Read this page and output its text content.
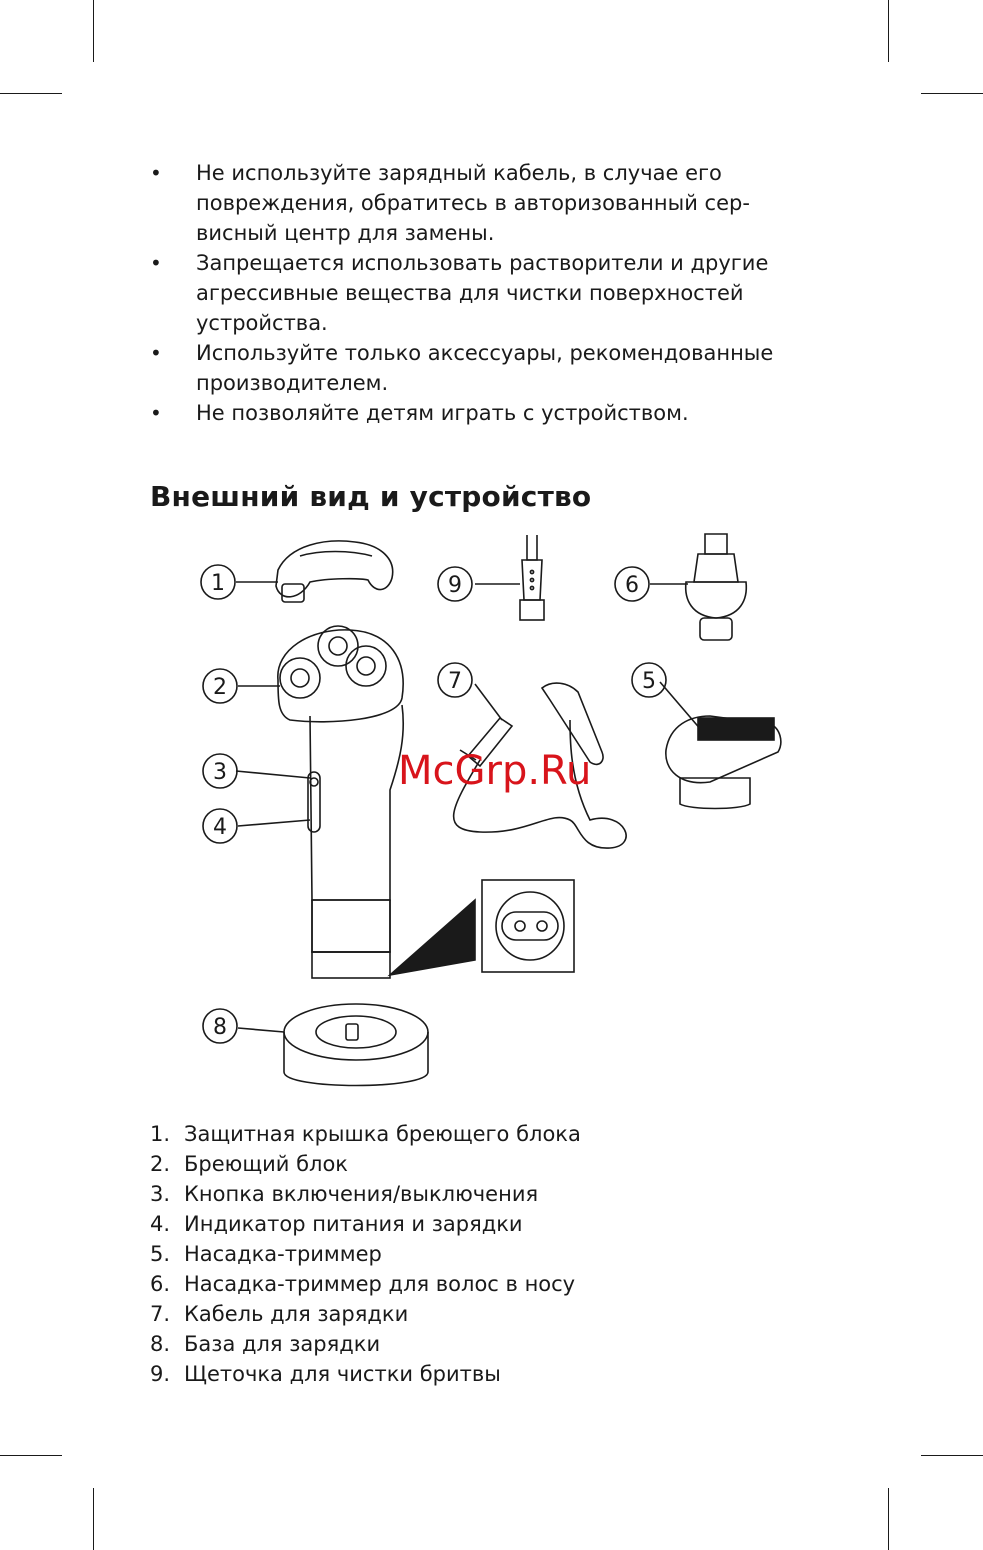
• Не используйте зарядный кабель, в случае его
повреждения, обратитесь в авторизованный сер-
висный центр для замены.
• Запрещается использовать растворители и другие
агрессивные вещества для чистки поверхностей
устройства.
• Используйте только аксессуары, рекомендованные
производителем.
• Не позволяйте детям играть с устройством.
Внешний вид и устройство
1	9	6
2	7	5
3
4
8
McGrp.Ru
1. Защитная крышка бреющего блока
2. Бреющий блок
3. Кнопка включения/выключения
4. Индикатор питания и зарядки
5. Насадка-триммер
6. Насадка-триммер для волос в носу
7. Кабель для зарядки
8. База для зарядки
9. Щеточка для чистки бритвы
